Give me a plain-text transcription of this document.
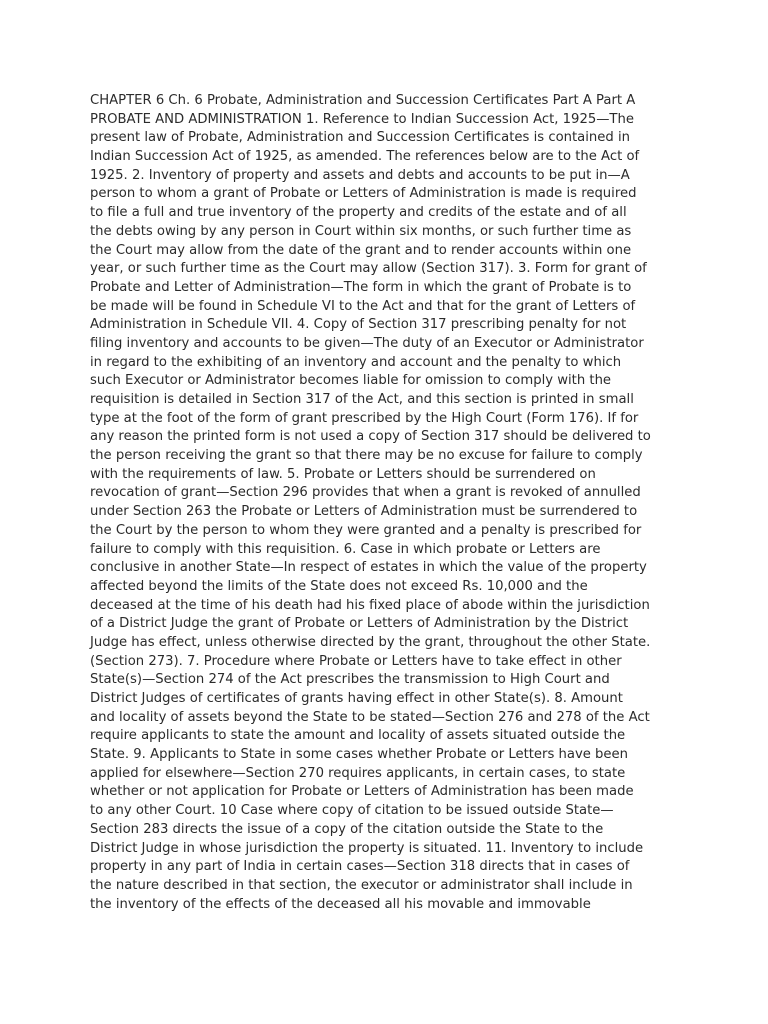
CHAPTER 6 Ch. 6 Probate, Administration and Succession Certificates Part A Part A
PROBATE AND ADMINISTRATION 1. Reference to Indian Succession Act, 1925—The
present law of Probate, Administration and Succession Certificates is contained in
Indian Succession Act of 1925, as amended. The references below are to the Act of
1925. 2. Inventory of property and assets and debts and accounts to be put in—A
person to whom a grant of Probate or Letters of Administration is made is required
to file a full and true inventory of the property and credits of the estate and of all
the debts owing by any person in Court within six months, or such further time as
the Court may allow from the date of the grant and to render accounts within one
year, or such further time as the Court may allow (Section 317). 3. Form for grant of
Probate and Letter of Administration—The form in which the grant of Probate is to
be made will be found in Schedule VI to the Act and that for the grant of Letters of
Administration in Schedule VII. 4. Copy of Section 317 prescribing penalty for not
filing inventory and accounts to be given—The duty of an Executor or Administrator
in regard to the exhibiting of an inventory and account and the penalty to which
such Executor or Administrator becomes liable for omission to comply with the
requisition is detailed in Section 317 of the Act, and this section is printed in small
type at the foot of the form of grant prescribed by the High Court (Form 176). If for
any reason the printed form is not used a copy of Section 317 should be delivered to
the person receiving the grant so that there may be no excuse for failure to comply
with the requirements of law. 5. Probate or Letters should be surrendered on
revocation of grant—Section 296 provides that when a grant is revoked of annulled
under Section 263 the Probate or Letters of Administration must be surrendered to
the Court by the person to whom they were granted and a penalty is prescribed for
failure to comply with this requisition. 6. Case in which probate or Letters are
conclusive in another State—In respect of estates in which the value of the property
affected beyond the limits of the State does not exceed Rs. 10,000 and the
deceased at the time of his death had his fixed place of abode within the jurisdiction
of a District Judge the grant of Probate or Letters of Administration by the District
Judge has effect, unless otherwise directed by the grant, throughout the other State.
(Section 273). 7. Procedure where Probate or Letters have to take effect in other
State(s)—Section 274 of the Act prescribes the transmission to High Court and
District Judges of certificates of grants having effect in other State(s). 8. Amount
and locality of assets beyond the State to be stated—Section 276 and 278 of the Act
require applicants to state the amount and locality of assets situated outside the
State. 9. Applicants to State in some cases whether Probate or Letters have been
applied for elsewhere—Section 270 requires applicants, in certain cases, to state
whether or not application for Probate or Letters of Administration has been made
to any other Court. 10 Case where copy of citation to be issued outside State—
Section 283 directs the issue of a copy of the citation outside the State to the
District Judge in whose jurisdiction the property is situated. 11. Inventory to include
property in any part of India in certain cases—Section 318 directs that in cases of
the nature described in that section, the executor or administrator shall include in
the inventory of the effects of the deceased all his movable and immovable
